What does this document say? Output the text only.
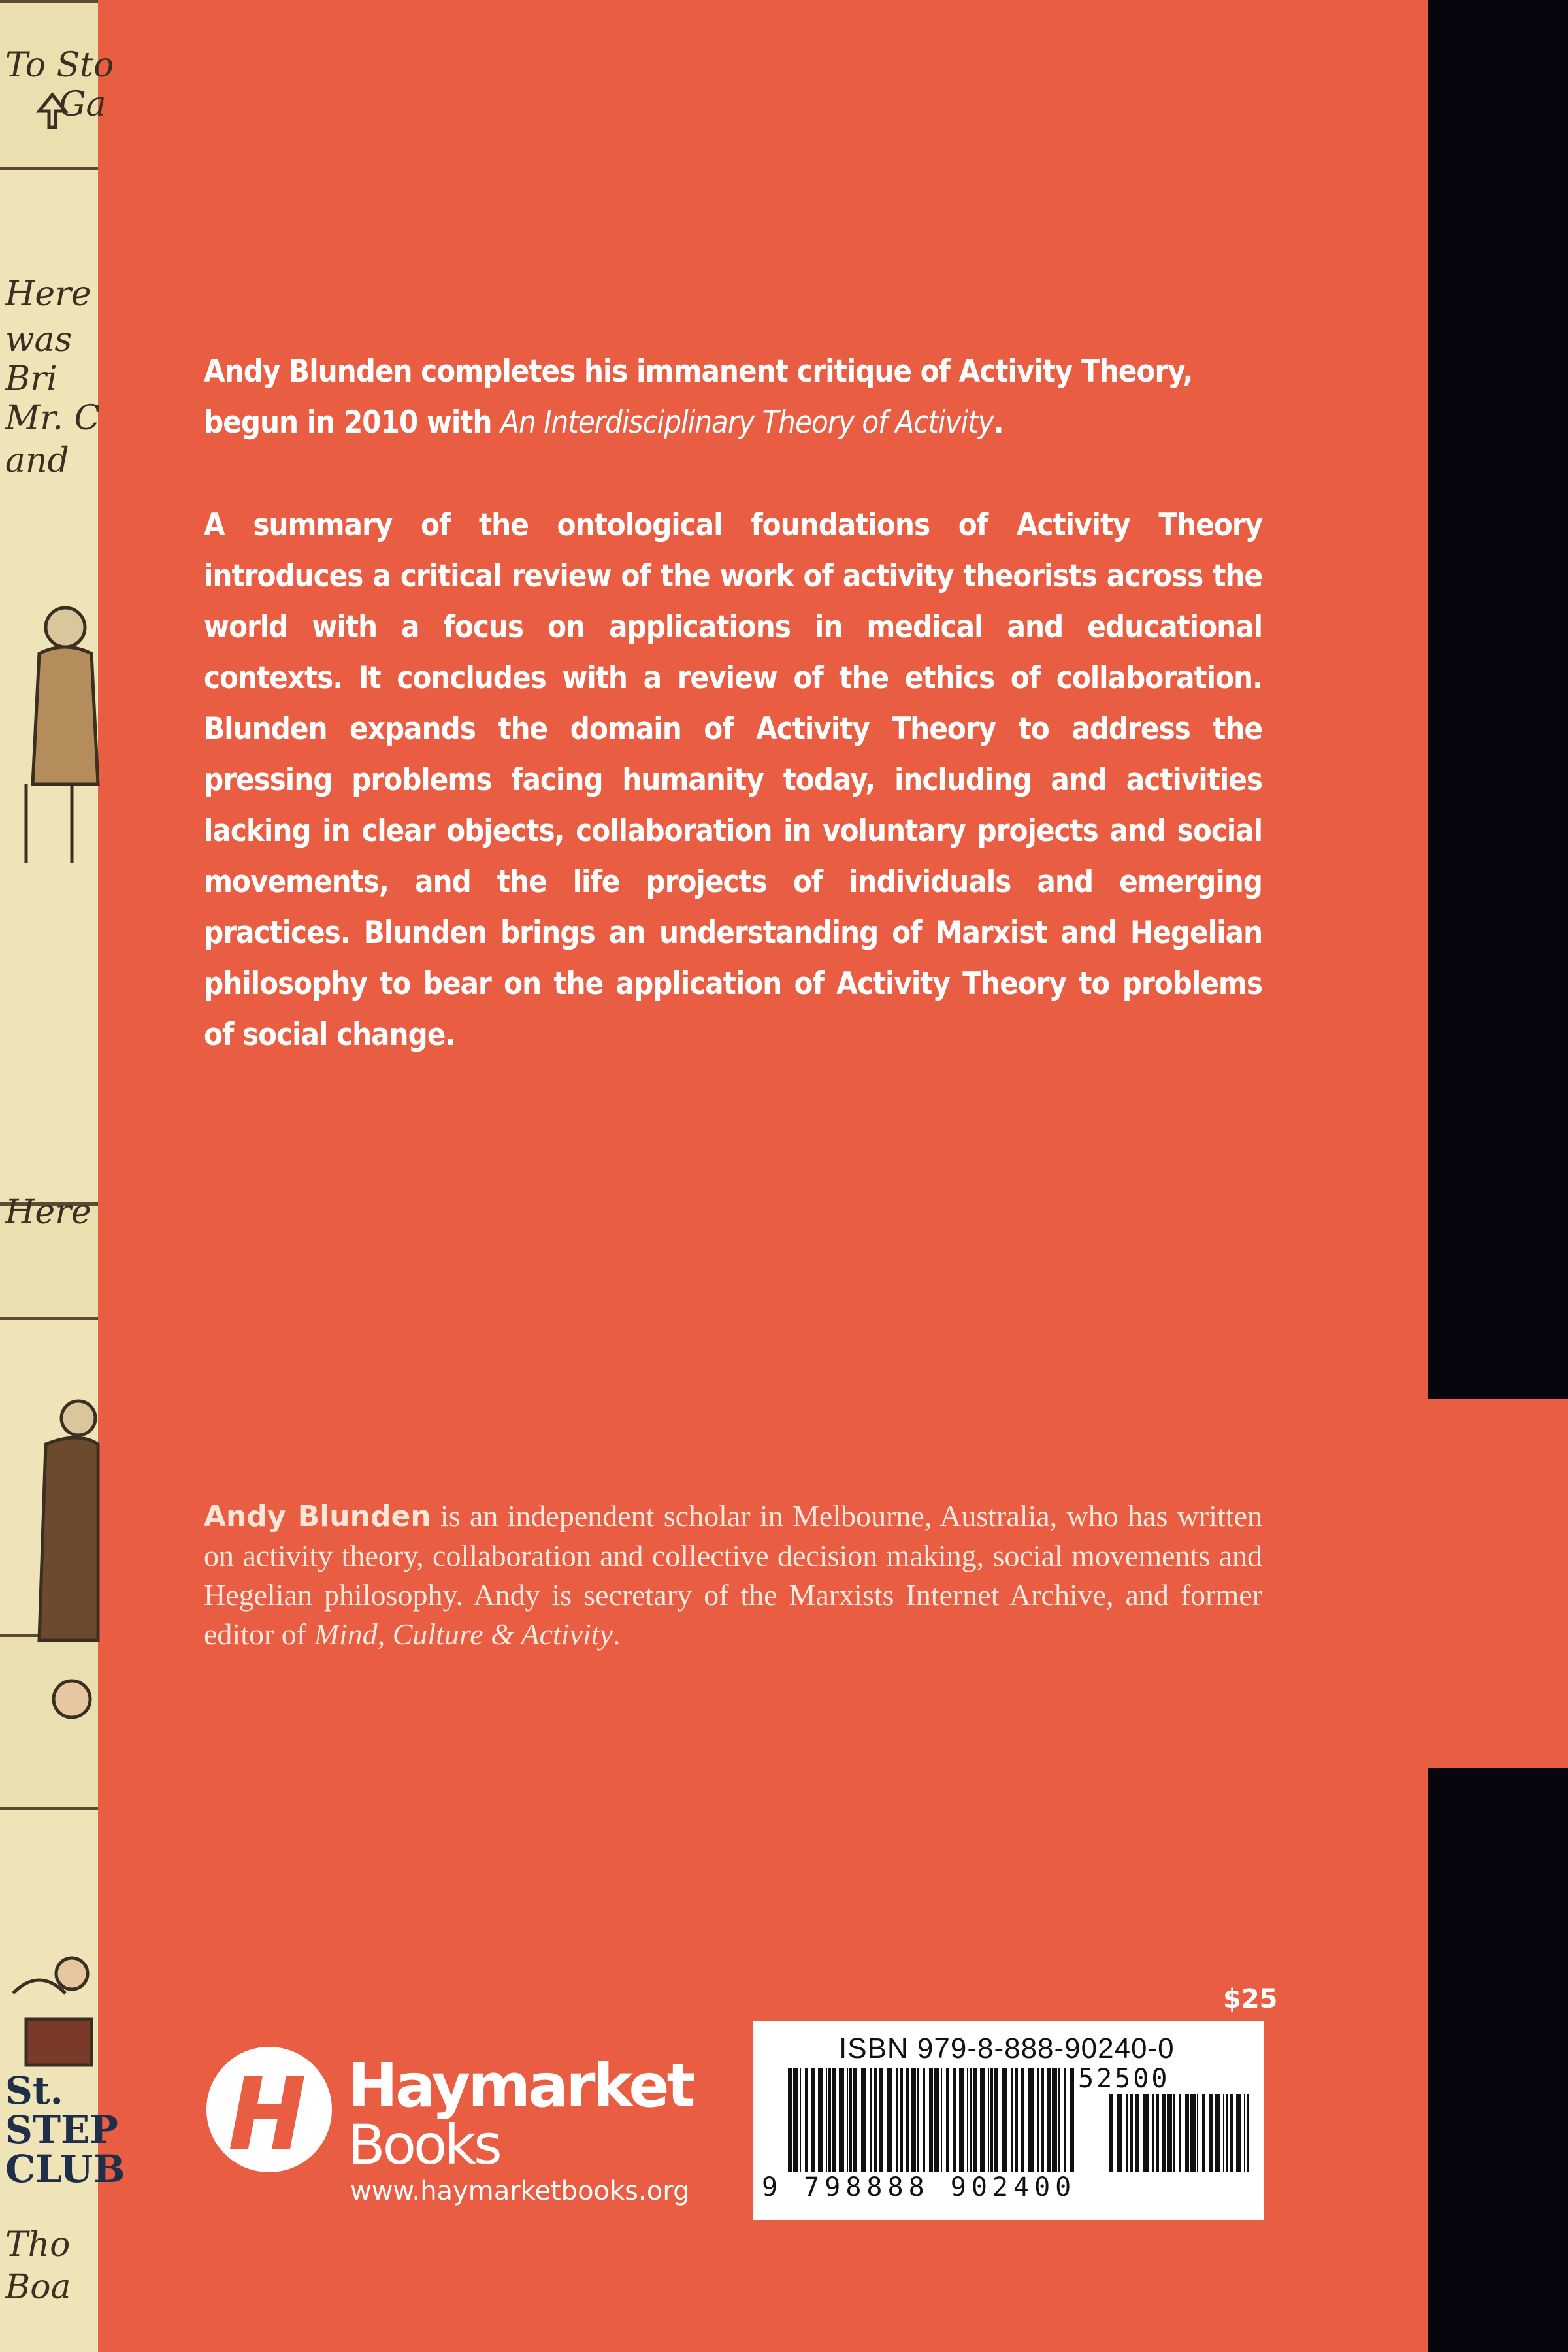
To Sto
Ga
Here
was
Bri
Mr. C
and
Here
St.
STEP
CLUB
Tho
Boa

Andy Blunden completes his immanent critique of Activity Theory, begun in 2010 with An Interdisciplinary Theory of Activity.

A summary of the ontological foundations of Activity Theory introduces a critical review of the work of activity theorists across the world with a focus on applications in medical and educational contexts. It concludes with a review of the ethics of collaboration. Blunden expands the domain of Activity Theory to address the pressing problems facing humanity today, including and activities lacking in clear objects, collaboration in voluntary projects and social movements, and the life projects of individuals and emerging practices. Blunden brings an understanding of Marxist and Hegelian philosophy to bear on the application of Activity Theory to problems of social change.

Andy Blunden is an independent scholar in Melbourne, Australia, who has written on activity theory, collaboration and collective decision making, social movements and Hegelian philosophy. Andy is secretary of the Marxists Internet Archive, and former editor of Mind, Culture & Activity.
$25
ISBN 979-8-888-90240-0
52500
9 798888 902400
Haymarket
Books
www.haymarketbooks.org
